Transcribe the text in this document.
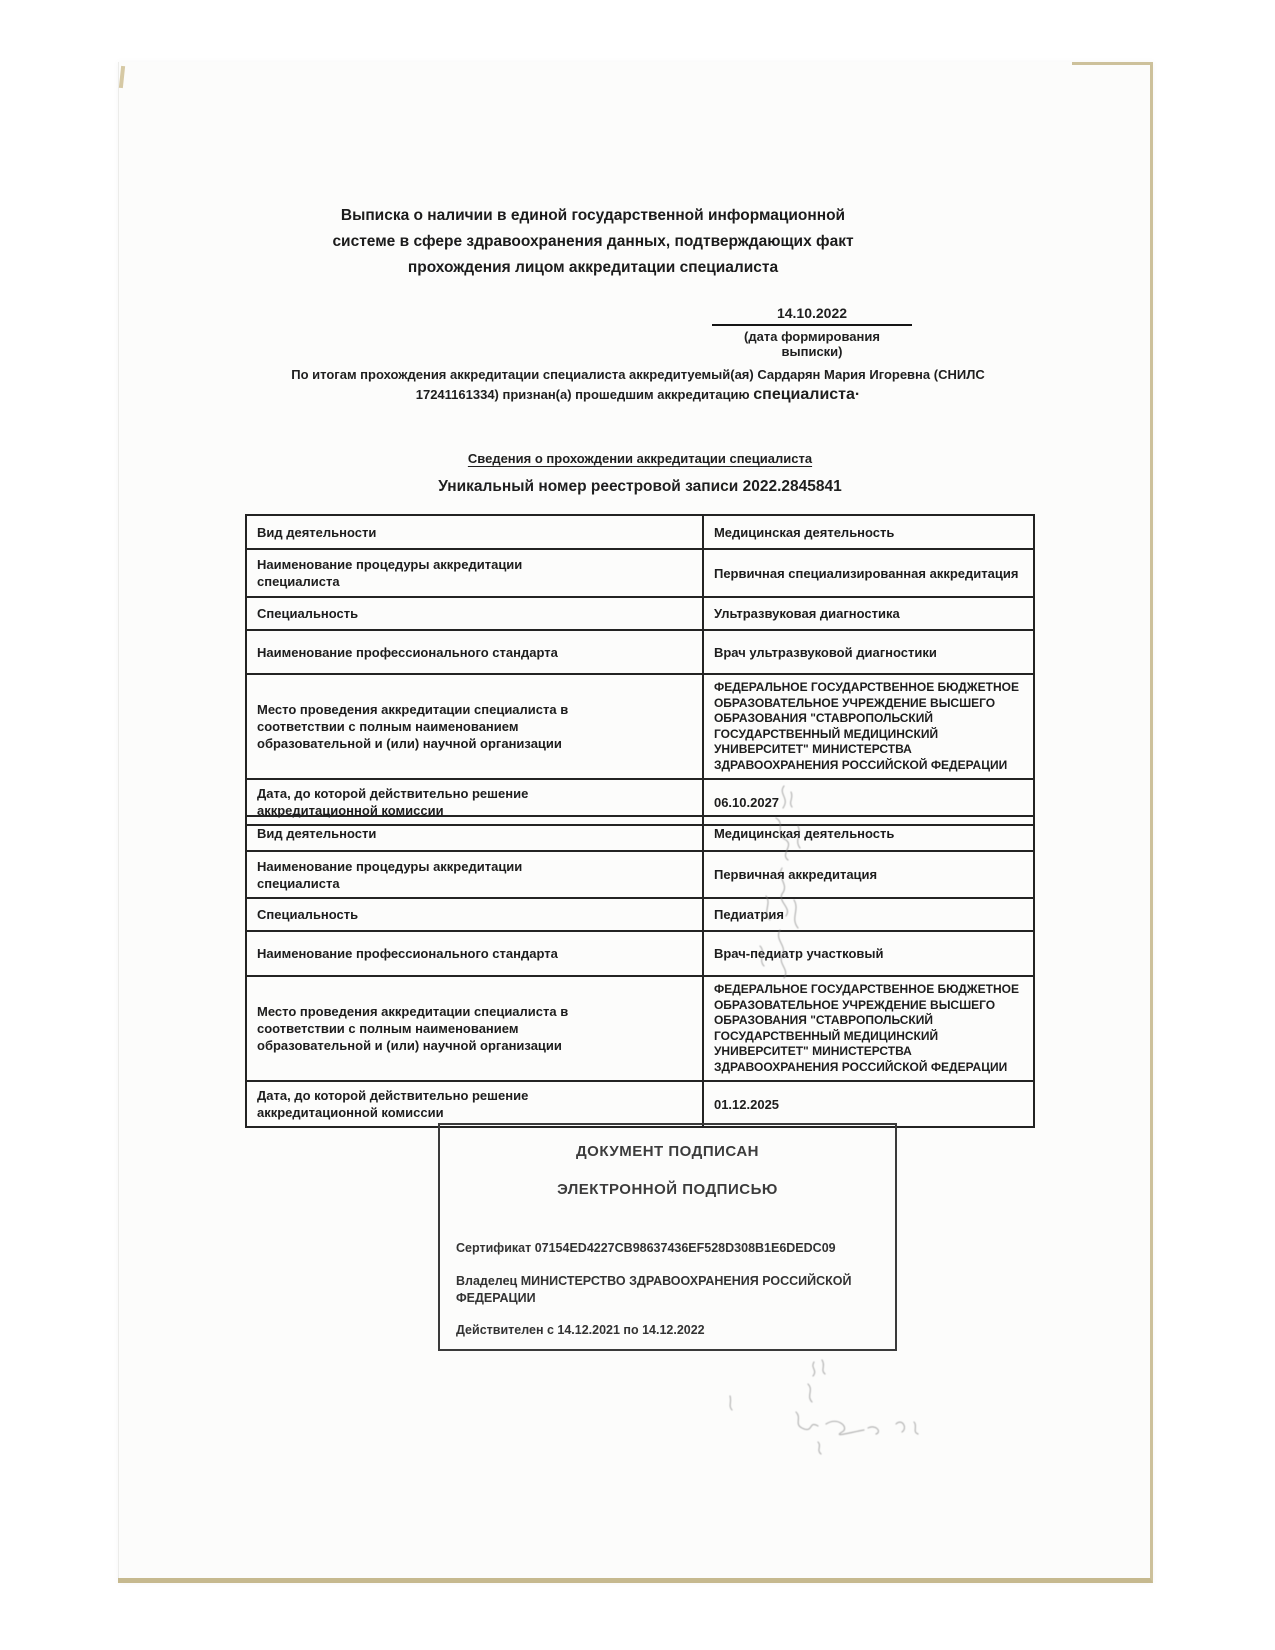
Выписка о наличии в единой государственной информационной
системе в сфере здравоохранения данных, подтверждающих факт
прохождения лицом аккредитации специалиста
14.10.2022
(дата формирования выписки)
По итогам прохождения аккредитации специалиста аккредитуемый(ая) Сардарян Мария Игоревна (СНИЛС
17241161334) признан(а) прошедшим аккредитацию специалиста·
Сведения о прохождении аккредитации специалиста
Уникальный номер реестровой записи 2022.2845841
Вид деятельности	Медицинская деятельность

Наименование процедуры аккредитации специалиста	Первичная специализированная аккредитация

Специальность	Ультразвуковая диагностика

Наименование профессионального стандарта	Врач ультразвуковой диагностики

Место проведения аккредитации специалиста в соответствии с полным наименованием образовательной и (или) научной организации	ФЕДЕРАЛЬНОЕ ГОСУДАРСТВЕННОЕ БЮДЖЕТНОЕ ОБРАЗОВАТЕЛЬНОЕ УЧРЕЖДЕНИЕ ВЫСШЕГО ОБРАЗОВАНИЯ "СТАВРОПОЛЬСКИЙ ГОСУДАРСТВЕННЫЙ МЕДИЦИНСКИЙ УНИВЕРСИТЕТ" МИНИСТЕРСТВА ЗДРАВООХРАНЕНИЯ РОССИЙСКОЙ ФЕДЕРАЦИИ

Дата, до которой действительно решение аккредитационной комиссии	06.10.2027
Вид деятельности	Медицинская деятельность

Наименование процедуры аккредитации специалиста	Первичная аккредитация

Специальность	Педиатрия

Наименование профессионального стандарта	Врач-педиатр участковый

Место проведения аккредитации специалиста в соответствии с полным наименованием образовательной и (или) научной организации	ФЕДЕРАЛЬНОЕ ГОСУДАРСТВЕННОЕ БЮДЖЕТНОЕ ОБРАЗОВАТЕЛЬНОЕ УЧРЕЖДЕНИЕ ВЫСШЕГО ОБРАЗОВАНИЯ "СТАВРОПОЛЬСКИЙ ГОСУДАРСТВЕННЫЙ МЕДИЦИНСКИЙ УНИВЕРСИТЕТ" МИНИСТЕРСТВА ЗДРАВООХРАНЕНИЯ РОССИЙСКОЙ ФЕДЕРАЦИИ

Дата, до которой действительно решение аккредитационной комиссии	01.12.2025
ДОКУМЕНТ ПОДПИСАН
ЭЛЕКТРОННОЙ ПОДПИСЬЮ
Сертификат 07154ED4227CB98637436EF528D308B1E6DEDC09
Владелец МИНИСТЕРСТВО ЗДРАВООХРАНЕНИЯ РОССИЙСКОЙ ФЕДЕРАЦИИ
Действителен с 14.12.2021 по 14.12.2022
